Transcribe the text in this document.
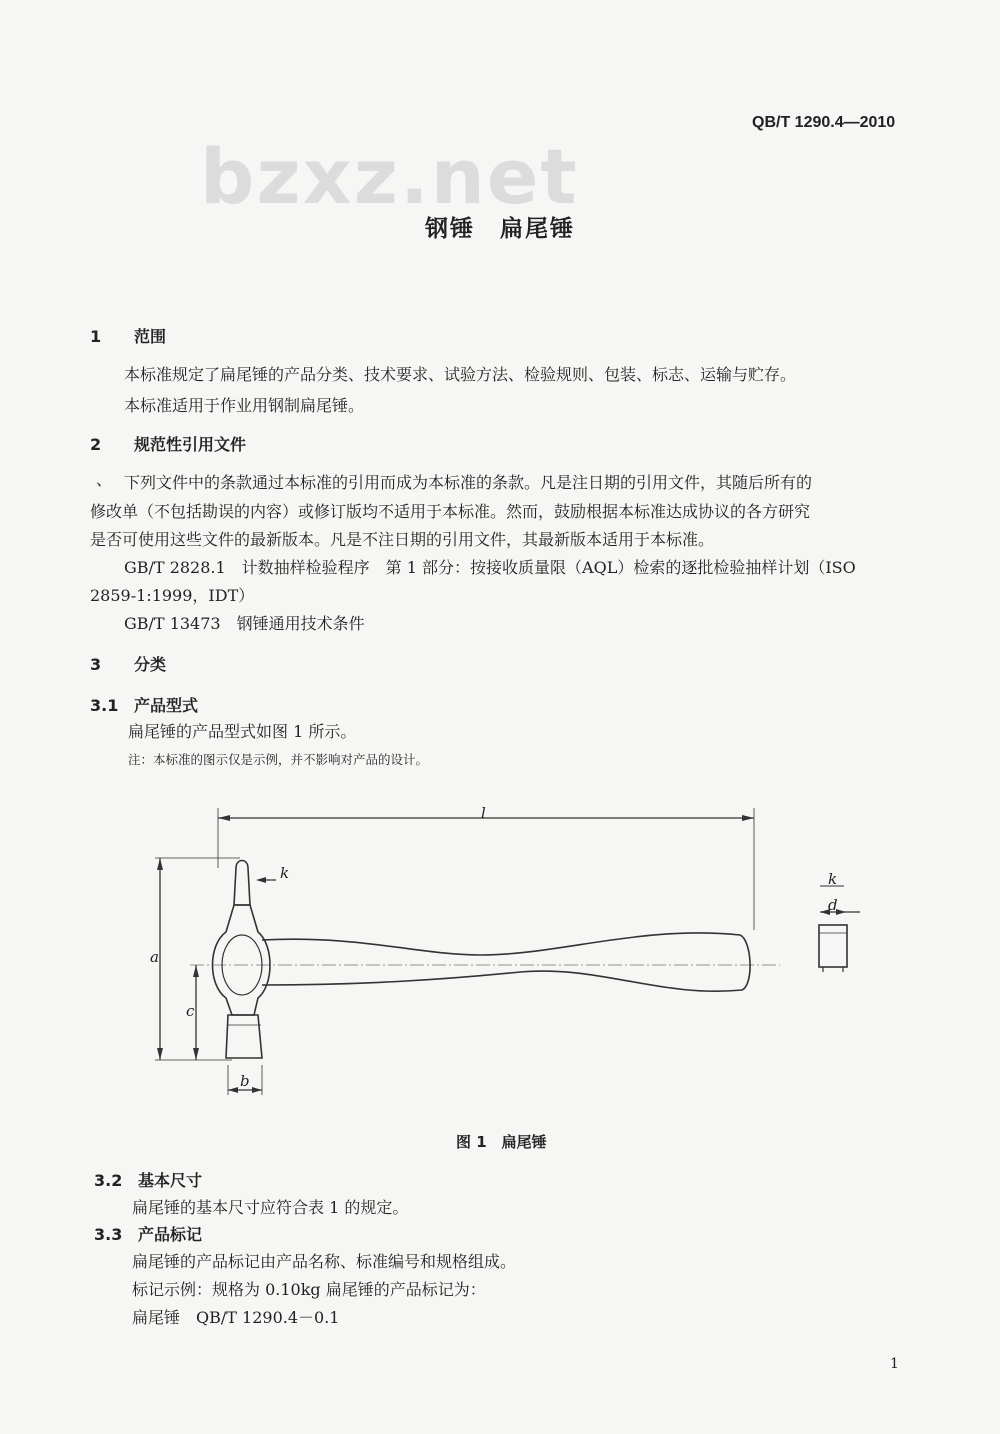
QB/T 1290.4—2010
bzxz.net
钢锤　扁尾锤
1 范围
本标准规定了扁尾锤的产品分类、技术要求、试验方法、检验规则、包装、标志、运输与贮存。
本标准适用于作业用钢制扁尾锤。
2 规范性引用文件
、 下列文件中的条款通过本标准的引用而成为本标准的条款。凡是注日期的引用文件，其随后所有的
修改单（不包括勘误的内容）或修订版均不适用于本标准。然而，鼓励根据本标准达成协议的各方研究
是否可使用这些文件的最新版本。凡是不注日期的引用文件，其最新版本适用于本标准。
GB/T 2828.1　计数抽样检验程序　第 1 部分：按接收质量限（AQL）检索的逐批检验抽样计划（ISO
2859-1:1999，IDT）
GB/T 13473　钢锤通用技术条件
3 分类
3.1 产品型式
扁尾锤的产品型式如图 1 所示。
注：本标准的图示仅是示例，并不影响对产品的设计。
l
k	k
d
a
c
b
图 1　扁尾锤
3.2 基本尺寸
扁尾锤的基本尺寸应符合表 1 的规定。
3.3 产品标记
扁尾锤的产品标记由产品名称、标准编号和规格组成。
标记示例：规格为 0.10kg 扁尾锤的产品标记为：
扁尾锤　QB/T 1290.4－0.1
1
